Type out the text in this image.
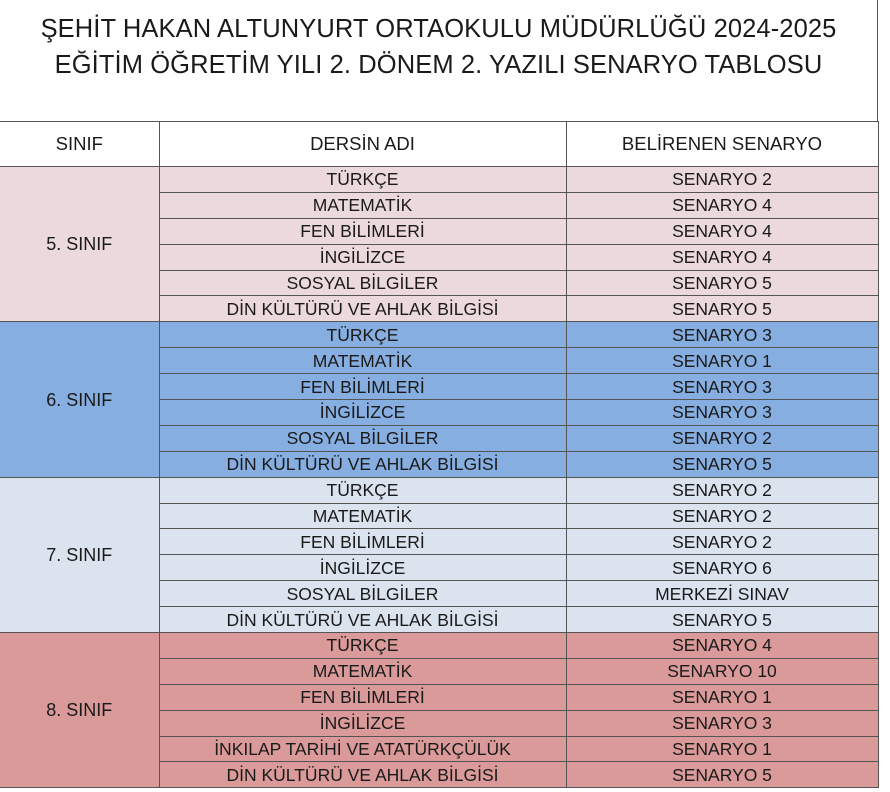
ŞEHİT HAKAN ALTUNYURT ORTAOKULU MÜDÜRLÜĞÜ 2024-2025
EĞİTİM ÖĞRETİM YILI 2. DÖNEM 2. YAZILI SENARYO TABLOSU
SINIF	DERSİN ADI	BELİRENEN SENARYO
5. SINIF	TÜRKÇE	SENARYO 2
	MATEMATİK	SENARYO 4
	FEN BİLİMLERİ	SENARYO 4
	İNGİLİZCE	SENARYO 4
	SOSYAL BİLGİLER	SENARYO 5
	DİN KÜLTÜRÜ VE AHLAK BİLGİSİ	SENARYO 5
6. SINIF	TÜRKÇE	SENARYO 3
	MATEMATİK	SENARYO 1
	FEN BİLİMLERİ	SENARYO 3
	İNGİLİZCE	SENARYO 3
	SOSYAL BİLGİLER	SENARYO 2
	DİN KÜLTÜRÜ VE AHLAK BİLGİSİ	SENARYO 5
7. SINIF	TÜRKÇE	SENARYO 2
	MATEMATİK	SENARYO 2
	FEN BİLİMLERİ	SENARYO 2
	İNGİLİZCE	SENARYO 6
	SOSYAL BİLGİLER	MERKEZİ SINAV
	DİN KÜLTÜRÜ VE AHLAK BİLGİSİ	SENARYO 5
8. SINIF	TÜRKÇE	SENARYO 4
	MATEMATİK	SENARYO 10
	FEN BİLİMLERİ	SENARYO 1
	İNGİLİZCE	SENARYO 3
	İNKILAP TARİHİ VE ATATÜRKÇÜLÜK	SENARYO 1
	DİN KÜLTÜRÜ VE AHLAK BİLGİSİ	SENARYO 5
